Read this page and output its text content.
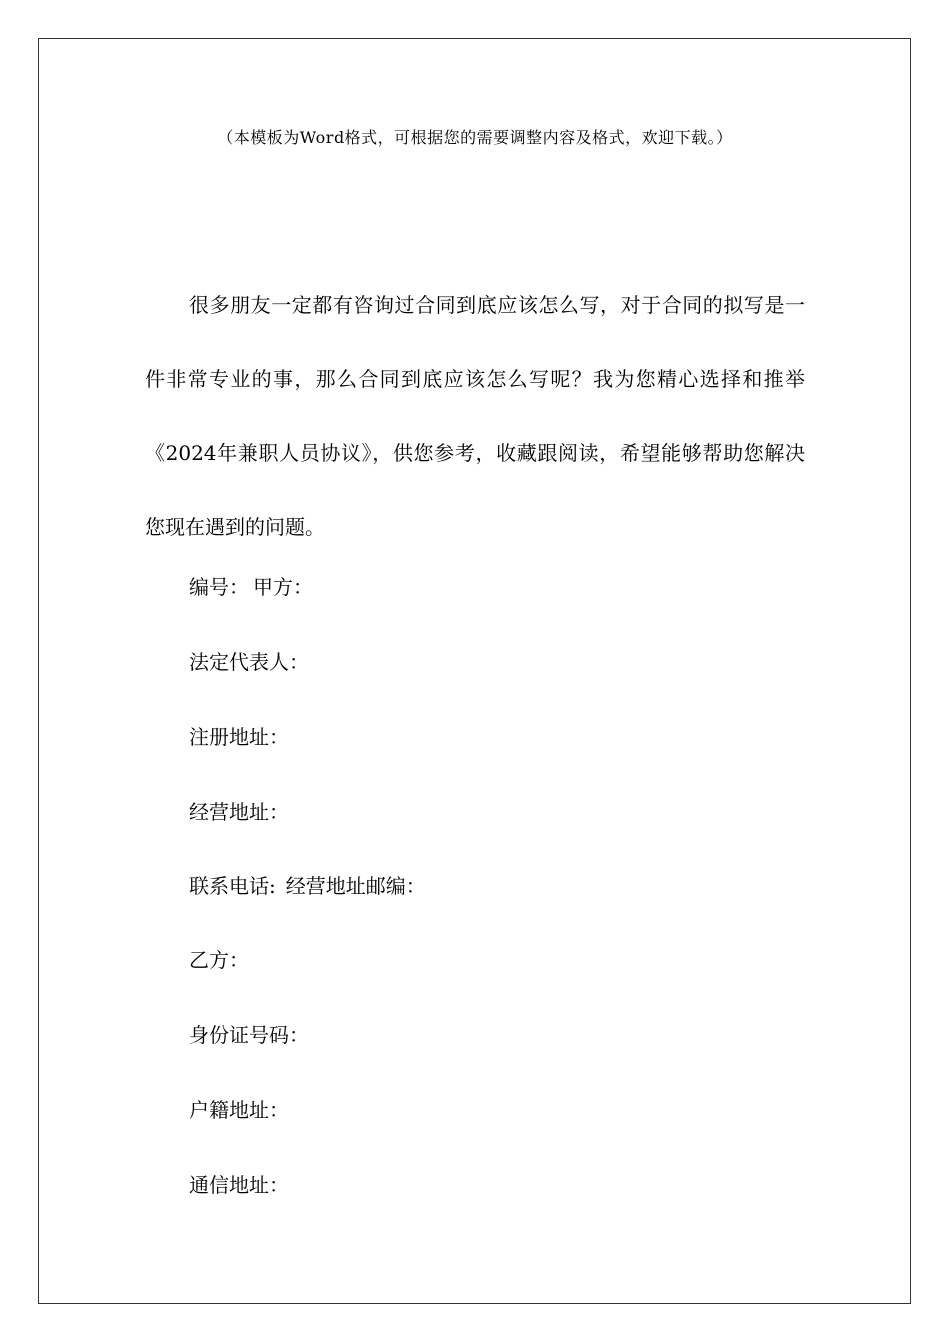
（本模板为Word格式，可根据您的需要调整内容及格式，欢迎下载。）

很多朋友一定都有咨询过合同到底应该怎么写，对于合同的拟写是一件非常专业的事，那么合同到底应该怎么写呢？我为您精心选择和推举《2024年兼职人员协议》，供您参考，收藏跟阅读，希望能够帮助您解决您现在遇到的问题。

编号： 甲方：
法定代表人：
注册地址：
经营地址：
联系电话: 经营地址邮编：
乙方：
身份证号码：
户籍地址：
通信地址：
